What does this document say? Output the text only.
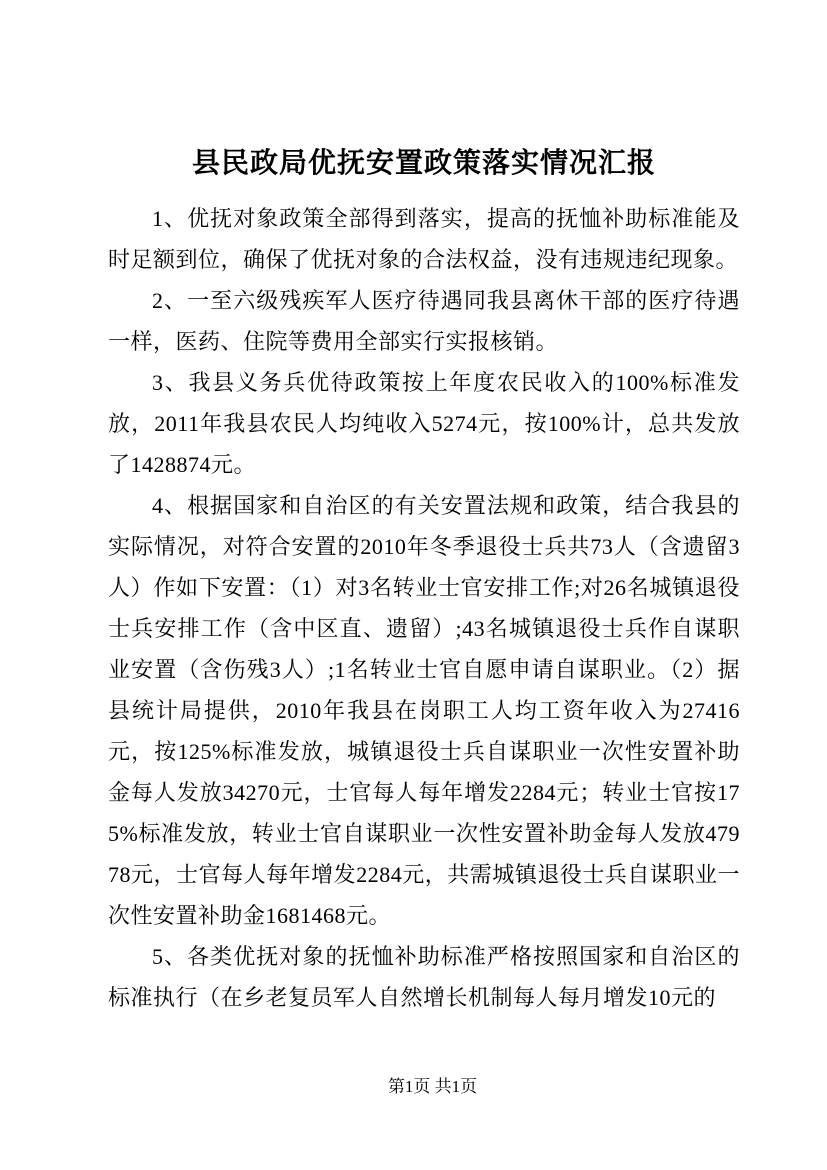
县民政局优抚安置政策落实情况汇报

1、优抚对象政策全部得到落实，提高的抚恤补助标准能及时足额到位，确保了优抚对象的合法权益，没有违规违纪现象。

2、一至六级残疾军人医疗待遇同我县离休干部的医疗待遇一样，医药、住院等费用全部实行实报核销。

3、我县义务兵优待政策按上年度农民收入的100%标准发放，2011年我县农民人均纯收入5274元，按100%计，总共发放了1428874元。

4、根据国家和自治区的有关安置法规和政策，结合我县的实际情况，对符合安置的2010年冬季退役士兵共73人（含遗留3人）作如下安置：（1）对3名转业士官安排工作;对26名城镇退役士兵安排工作（含中区直、遗留）;43名城镇退役士兵作自谋职业安置（含伤残3人）;1名转业士官自愿申请自谋职业。（2）据县统计局提供，2010年我县在岗职工人均工资年收入为27416元，按125%标准发放，城镇退役士兵自谋职业一次性安置补助金每人发放34270元，士官每人每年增发2284元；转业士官按175%标准发放，转业士官自谋职业一次性安置补助金每人发放47978元，士官每人每年增发2284元，共需城镇退役士兵自谋职业一次性安置补助金1681468元。

5、各类优抚对象的抚恤补助标准严格按照国家和自治区的标准执行（在乡老复员军人自然增长机制每人每月增发10元的

第1页 共1页
